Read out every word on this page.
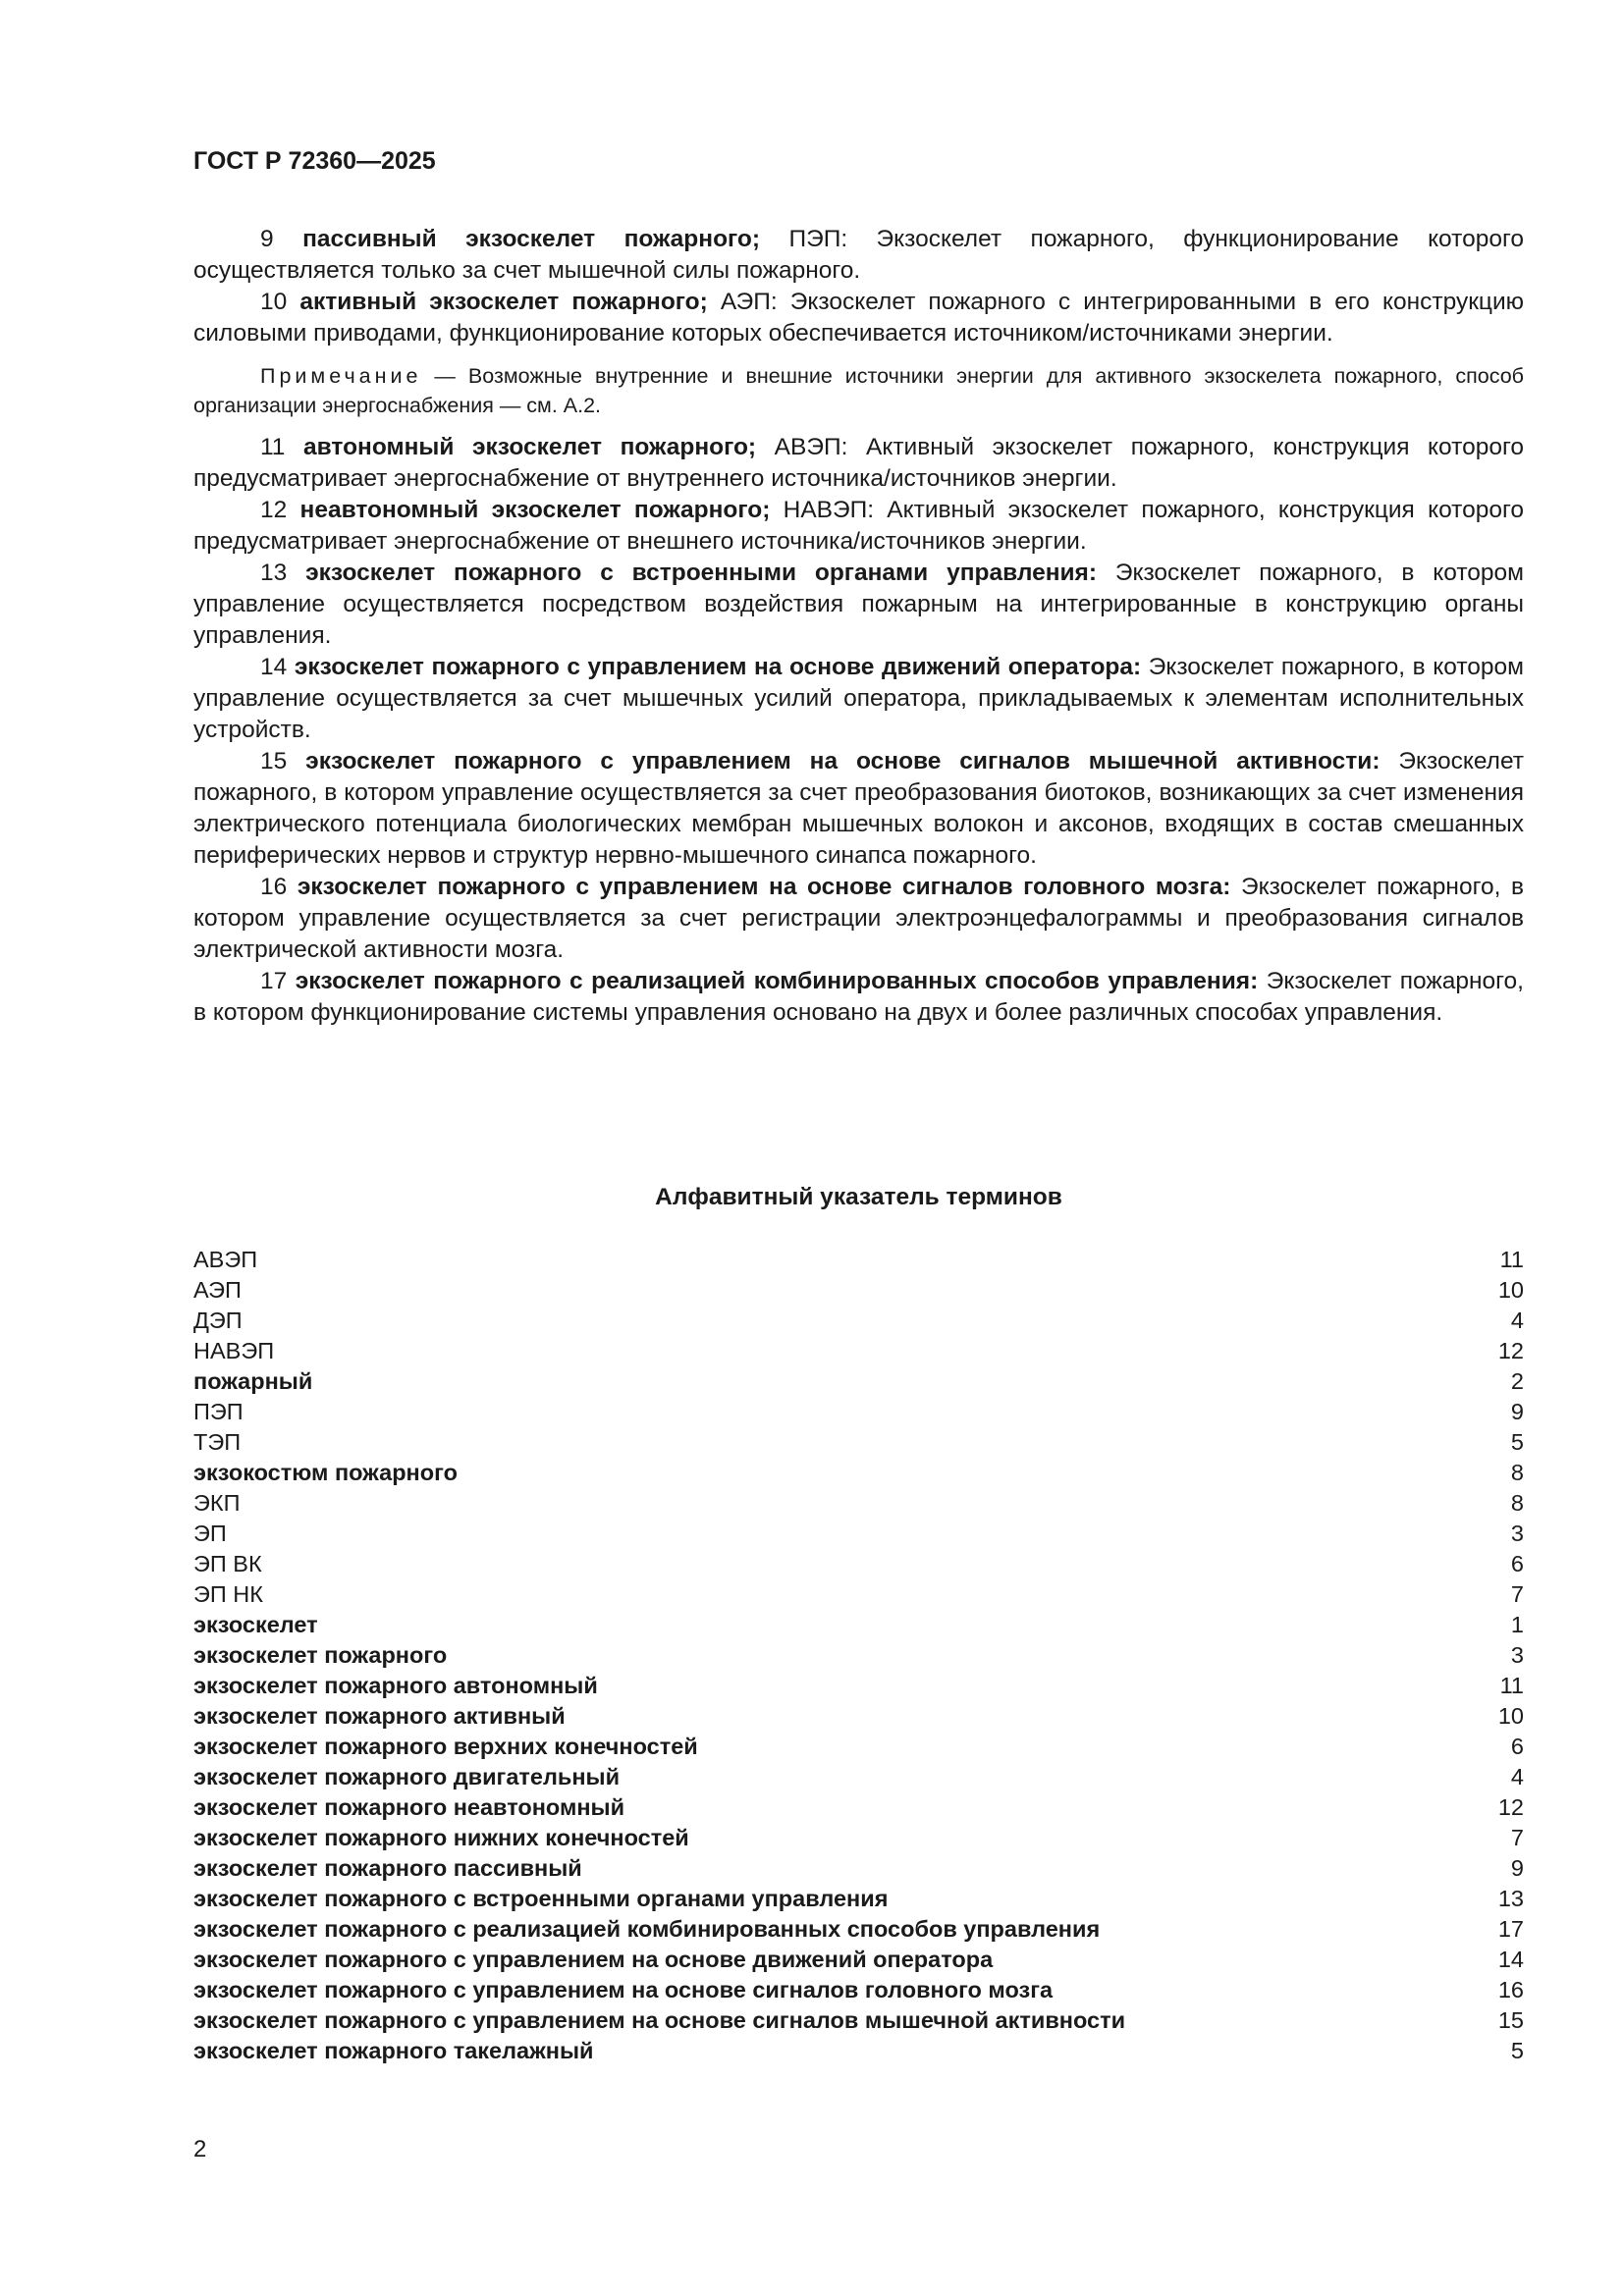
ГОСТ Р 72360—2025

9 пассивный экзоскелет пожарного; ПЭП: Экзоскелет пожарного, функционирование которого осуществляется только за счет мышечной силы пожарного.

10 активный экзоскелет пожарного; АЭП: Экзоскелет пожарного с интегрированными в его конструкцию силовыми приводами, функционирование которых обеспечивается источником/источниками энергии.

Примечание — Возможные внутренние и внешние источники энергии для активного экзоскелета пожарного, способ организации энергоснабжения — см. А.2.

11 автономный экзоскелет пожарного; АВЭП: Активный экзоскелет пожарного, конструкция которого предусматривает энергоснабжение от внутреннего источника/источников энергии.

12 неавтономный экзоскелет пожарного; НАВЭП: Активный экзоскелет пожарного, конструкция которого предусматривает энергоснабжение от внешнего источника/источников энергии.

13 экзоскелет пожарного с встроенными органами управления: Экзоскелет пожарного, в котором управление осуществляется посредством воздействия пожарным на интегрированные в конструкцию органы управления.

14 экзоскелет пожарного с управлением на основе движений оператора: Экзоскелет пожарного, в котором управление осуществляется за счет мышечных усилий оператора, прикладываемых к элементам исполнительных устройств.

15 экзоскелет пожарного с управлением на основе сигналов мышечной активности: Экзоскелет пожарного, в котором управление осуществляется за счет преобразования биотоков, возникающих за счет изменения электрического потенциала биологических мембран мышечных волокон и аксонов, входящих в состав смешанных периферических нервов и структур нервно-мышечного синапса пожарного.

16 экзоскелет пожарного с управлением на основе сигналов головного мозга: Экзоскелет пожарного, в котором управление осуществляется за счет регистрации электроэнцефалограммы и преобразования сигналов электрической активности мозга.

17 экзоскелет пожарного с реализацией комбинированных способов управления: Экзоскелет пожарного, в котором функционирование системы управления основано на двух и более различных способах управления.

Алфавитный указатель терминов
АВЭП	11
АЭП	10
ДЭП	4
НАВЭП	12
пожарный	2
ПЭП	9
ТЭП	5
экзокостюм пожарного	8
ЭКП	8
ЭП	3
ЭП ВК	6
ЭП НК	7
экзоскелет	1
экзоскелет пожарного	3
экзоскелет пожарного автономный	11
экзоскелет пожарного активный	10
экзоскелет пожарного верхних конечностей	6
экзоскелет пожарного двигательный	4
экзоскелет пожарного неавтономный	12
экзоскелет пожарного нижних конечностей	7
экзоскелет пожарного пассивный	9
экзоскелет пожарного с встроенными органами управления	13
экзоскелет пожарного с реализацией комбинированных способов управления	17
экзоскелет пожарного с управлением на основе движений оператора	14
экзоскелет пожарного с управлением на основе сигналов головного мозга	16
экзоскелет пожарного с управлением на основе сигналов мышечной активности	15
экзоскелет пожарного такелажный	5
2
